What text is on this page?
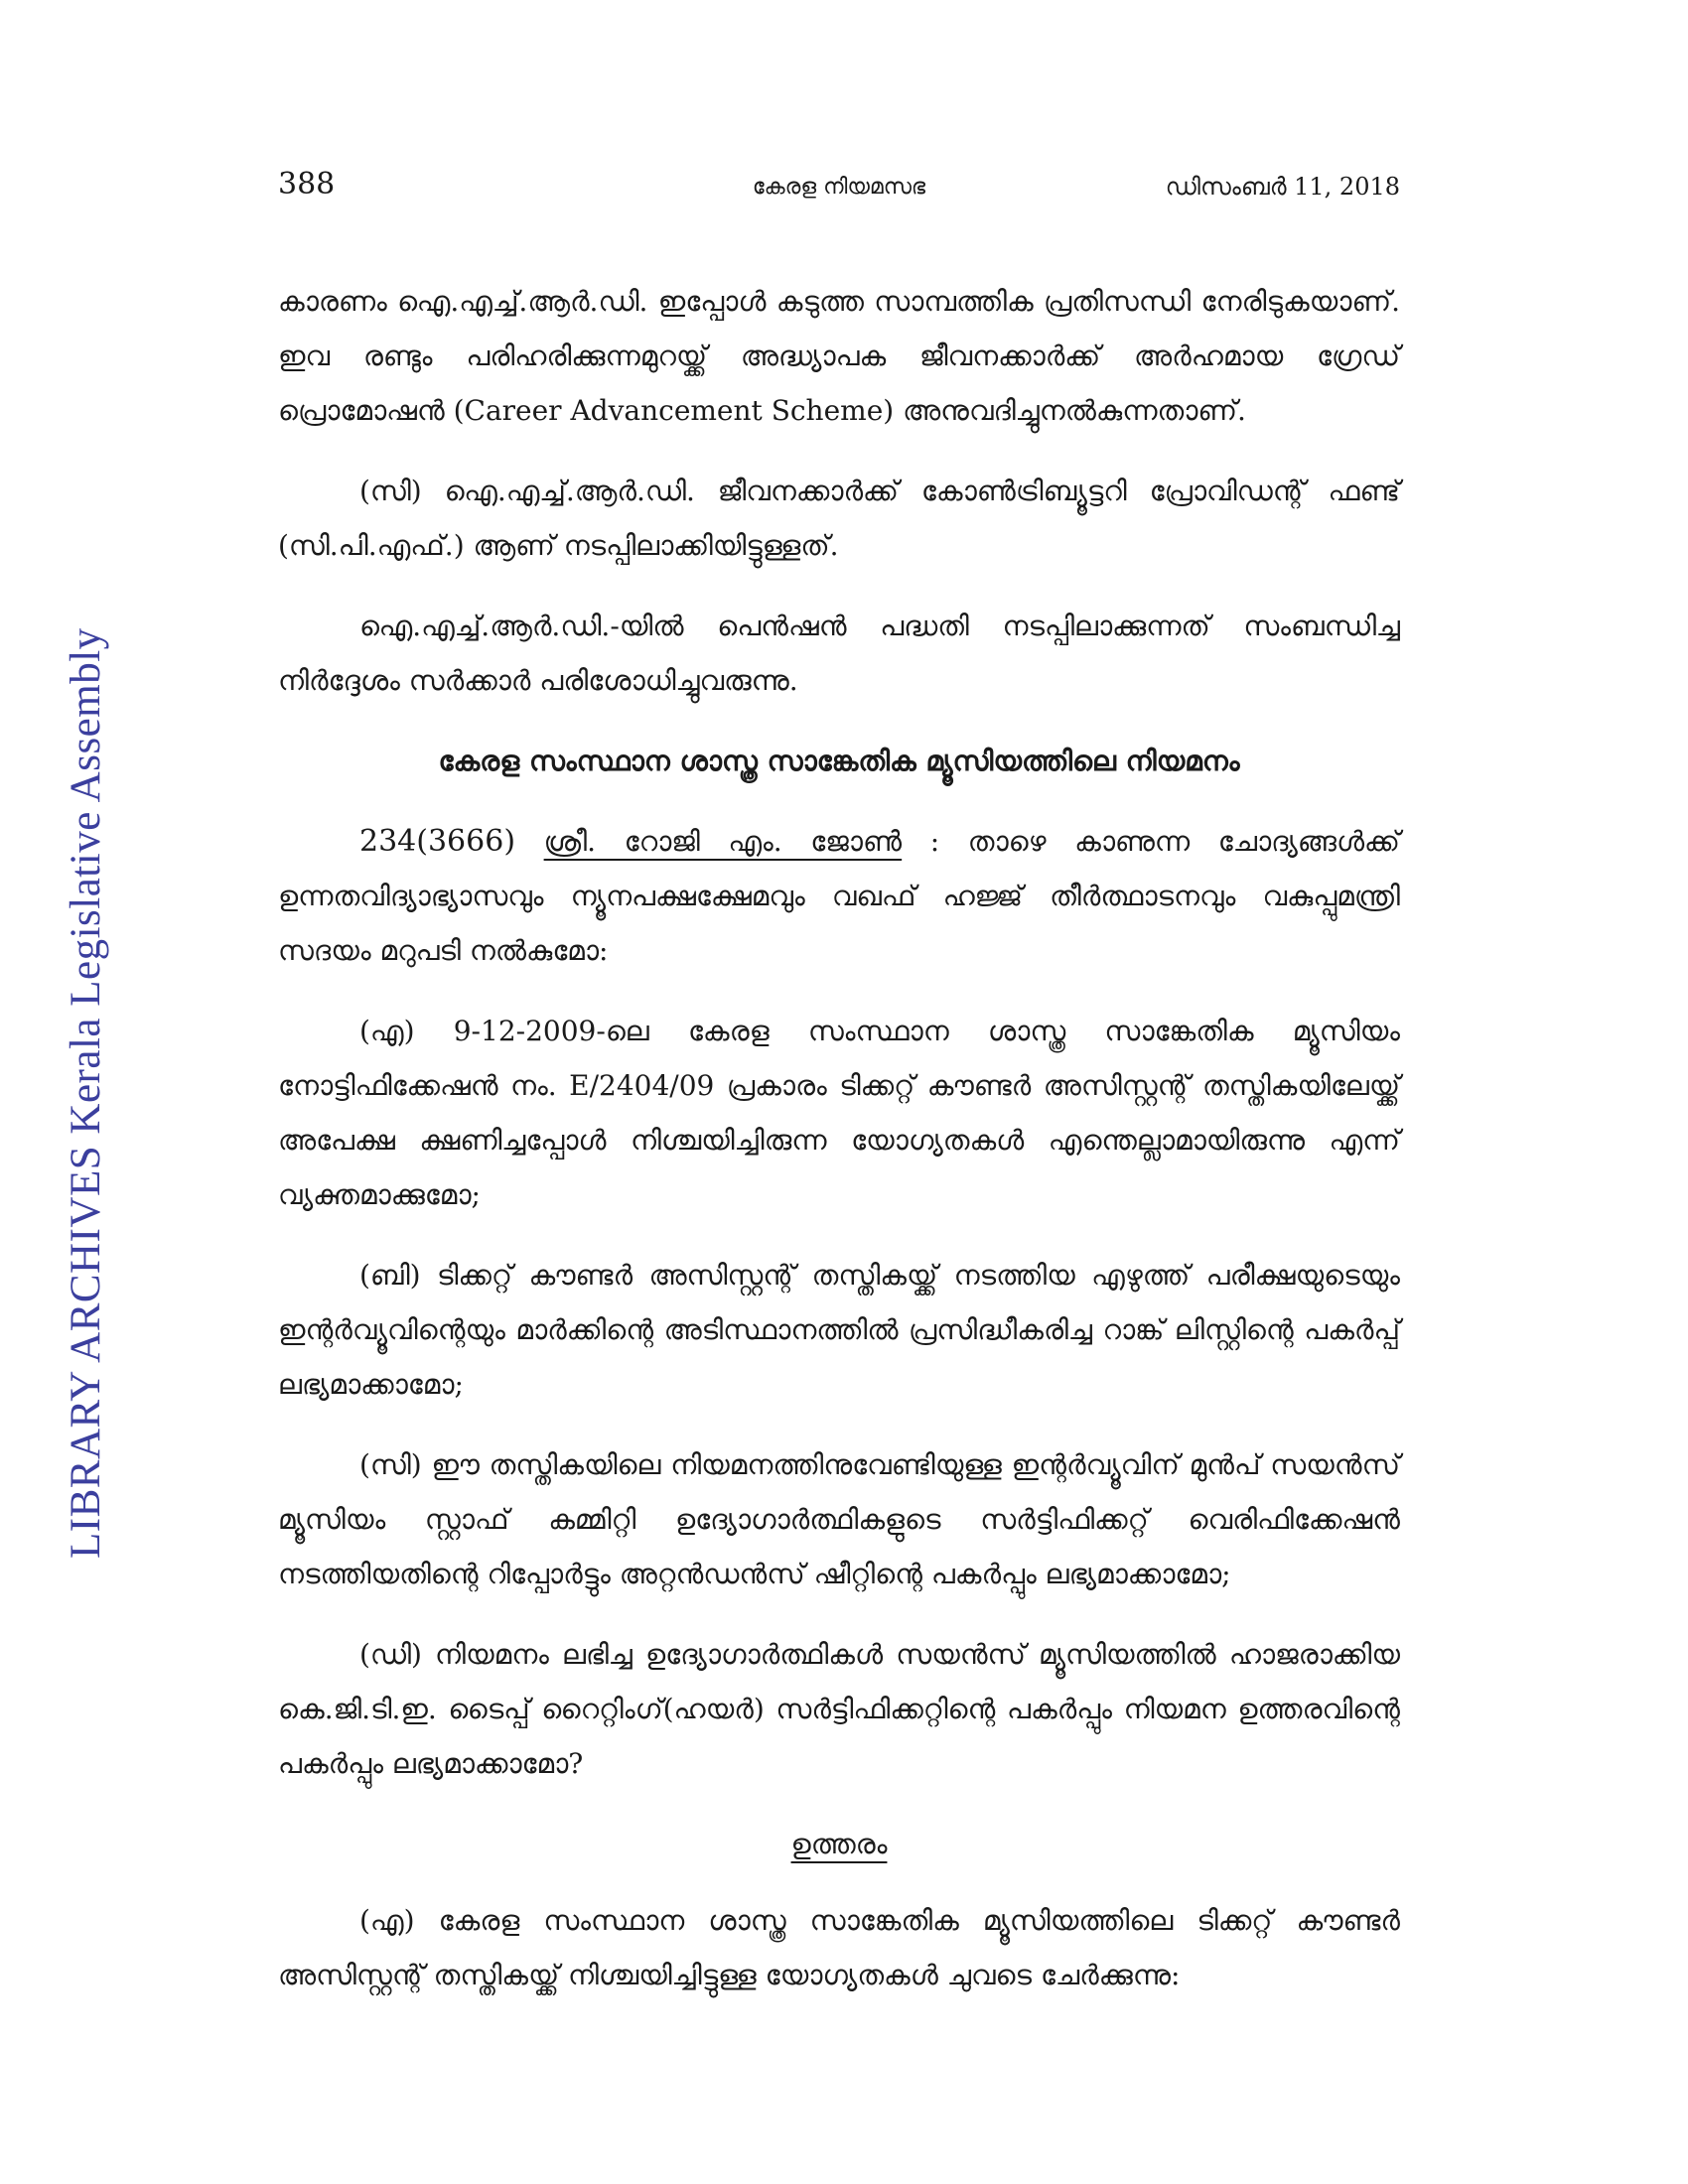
LIBRARY ARCHIVES Kerala Legislative Assembly
388	കേരള നിയമസഭ	ഡിസംബർ 11, 2018

കാരണം ഐ.എച്ച്.ആർ.ഡി. ഇപ്പോൾ കടുത്ത സാമ്പത്തിക പ്രതിസന്ധി നേരിടുകയാണ്. ഇവ രണ്ടും പരിഹരിക്കുന്നമുറയ്ക്ക് അദ്ധ്യാപക ജീവനക്കാർക്ക് അർഹമായ ഗ്രേഡ് പ്രൊമോഷൻ (Career Advancement Scheme) അനുവദിച്ചുനൽകുന്നതാണ്.

(സി) ഐ.എച്ച്.ആർ.ഡി. ജീവനക്കാർക്ക് കോൺട്രിബ്യൂട്ടറി പ്രോവിഡന്റ് ഫണ്ട് (സി.പി.എഫ്.) ആണ് നടപ്പിലാക്കിയിട്ടുള്ളത്.

ഐ.എച്ച്.ആർ.ഡി.-യിൽ പെൻഷൻ പദ്ധതി നടപ്പിലാക്കുന്നത് സംബന്ധിച്ച നിർദ്ദേശം സർക്കാർ പരിശോധിച്ചുവരുന്നു.

കേരള സംസ്ഥാന ശാസ്ത്ര സാങ്കേതിക മ്യൂസിയത്തിലെ നിയമനം

234(3666) ശ്രീ. റോജി എം. ജോൺ : താഴെ കാണുന്ന ചോദ്യങ്ങൾക്ക് ഉന്നതവിദ്യാഭ്യാസവും ന്യൂനപക്ഷക്ഷേമവും വഖഫ് ഹജ്ജ് തീർത്ഥാടനവും വകുപ്പുമന്ത്രി സദയം മറുപടി നൽകുമോ:

(എ) 9-12-2009-ലെ കേരള സംസ്ഥാന ശാസ്ത്ര സാങ്കേതിക മ്യൂസിയം നോട്ടിഫിക്കേഷൻ നം. E/2404/09 പ്രകാരം ടിക്കറ്റ് കൗണ്ടർ അസിസ്റ്റന്റ് തസ്തികയിലേയ്ക്ക് അപേക്ഷ ക്ഷണിച്ചപ്പോൾ നിശ്ചയിച്ചിരുന്ന യോഗ്യതകൾ എന്തെല്ലാമായിരുന്നു എന്ന് വ്യക്തമാക്കുമോ;

(ബി) ടിക്കറ്റ് കൗണ്ടർ അസിസ്റ്റന്റ് തസ്തികയ്ക്ക് നടത്തിയ എഴുത്ത് പരീക്ഷയുടെയും ഇന്റർവ്യൂവിന്റെയും മാർക്കിന്റെ അടിസ്ഥാനത്തിൽ പ്രസിദ്ധീകരിച്ച റാങ്ക് ലിസ്റ്റിന്റെ പകർപ്പ് ലഭ്യമാക്കാമോ;

(സി) ഈ തസ്തികയിലെ നിയമനത്തിനുവേണ്ടിയുള്ള ഇന്റർവ്യൂവിന് മുൻപ് സയൻസ് മ്യൂസിയം സ്റ്റാഫ് കമ്മിറ്റി ഉദ്യോഗാർത്ഥികളുടെ സർട്ടിഫിക്കറ്റ് വെരിഫിക്കേഷൻ നടത്തിയതിന്റെ റിപ്പോർട്ടും അറ്റൻഡൻസ് ഷീറ്റിന്റെ പകർപ്പും ലഭ്യമാക്കാമോ;

(ഡി) നിയമനം ലഭിച്ച ഉദ്യോഗാർത്ഥികൾ സയൻസ് മ്യൂസിയത്തിൽ ഹാജരാക്കിയ കെ.ജി.ടി.ഇ. ടൈപ്പ് റൈറ്റിംഗ്(ഹയർ) സർട്ടിഫിക്കറ്റിന്റെ പകർപ്പും നിയമന ഉത്തരവിന്റെ പകർപ്പും ലഭ്യമാക്കാമോ?

ഉത്തരം

(എ) കേരള സംസ്ഥാന ശാസ്ത്ര സാങ്കേതിക മ്യൂസിയത്തിലെ ടിക്കറ്റ് കൗണ്ടർ അസിസ്റ്റന്റ് തസ്തികയ്ക്ക് നിശ്ചയിച്ചിട്ടുള്ള യോഗ്യതകൾ ചുവടെ ചേർക്കുന്നു:
